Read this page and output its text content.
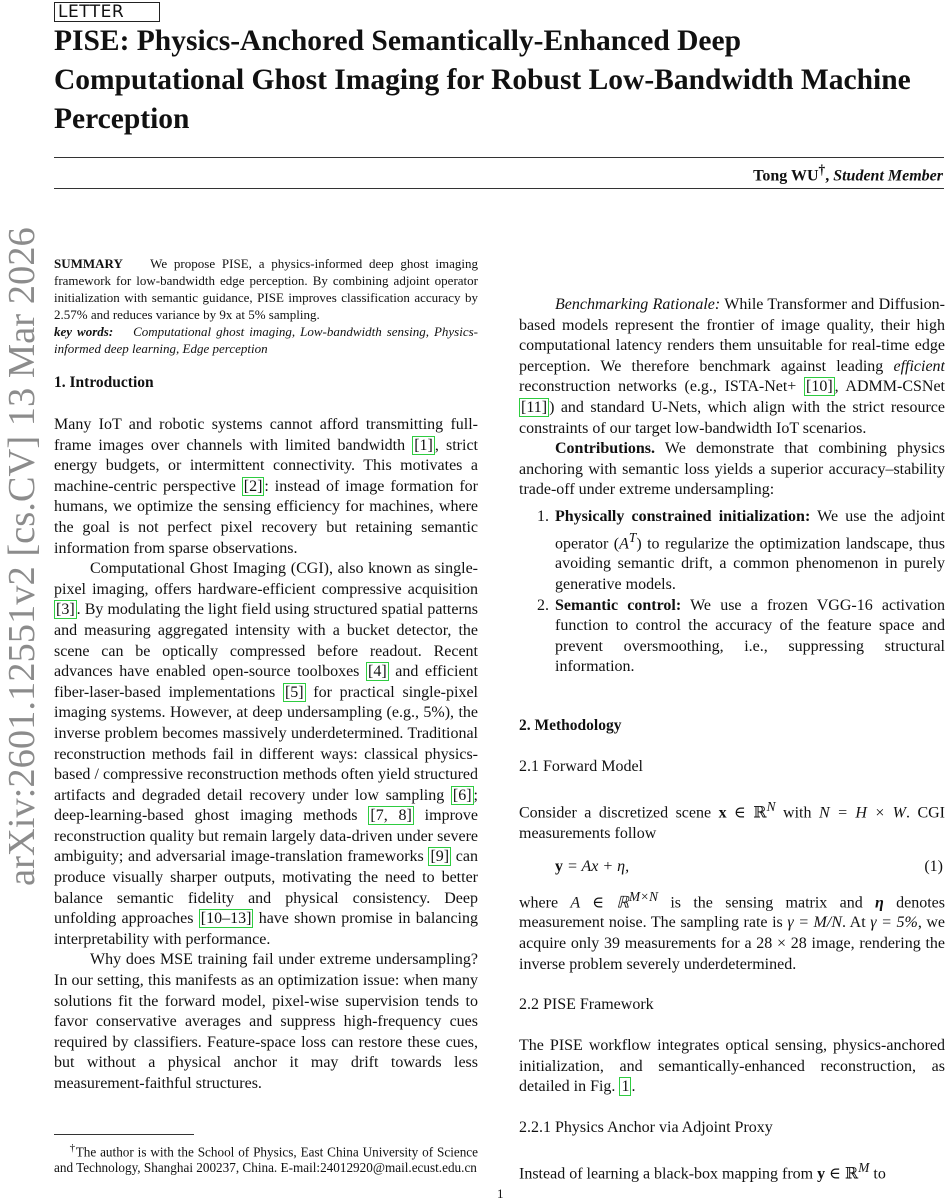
LETTER
PISE: Physics-Anchored Semantically-Enhanced Deep Computational Ghost Imaging for Robust Low-Bandwidth Machine Perception
Tong WU†, Student Member
arXiv:2601.12551v2 [cs.CV] 13 Mar 2026 SUMMARY We propose PISE, a physics-informed deep ghost imaging framework for low-bandwidth edge perception. By combining adjoint operator initialization with semantic guidance, PISE improves classification accuracy by 2.57% and reduces variance by 9x at 5% sampling.

key words: Computational ghost imaging, Low-bandwidth sensing, Physics-informed deep learning, Edge perception

1. Introduction

Many IoT and robotic systems cannot afford transmitting full-frame images over channels with limited bandwidth [1] , strict energy budgets, or intermittent connectivity. This motivates a machine-centric perspective [2] : instead of image formation for humans, we optimize the sensing efficiency for machines, where the goal is not perfect pixel recovery but retaining semantic information from sparse observations.

Computational Ghost Imaging (CGI), also known as single-pixel imaging, offers hardware-efficient compressive acquisition [3] . By modulating the light field using structured spatial patterns and measuring aggregated intensity with a bucket detector, the scene can be optically compressed before readout. Recent advances have enabled open-source toolboxes [4] and efficient fiber-laser-based implementations [5] for practical single-pixel imaging systems. However, at deep undersampling (e.g., 5%), the inverse problem becomes massively underdetermined. Traditional reconstruction methods fail in different ways: classical physics-based / compressive reconstruction methods often yield structured artifacts and degraded detail recovery under low sampling [6] ; deep-learning-based ghost imaging methods [7, 8] improve reconstruction quality but remain largely data-driven under severe ambiguity; and adversarial image-translation frameworks [9] can produce visually sharper outputs, motivating the need to better balance semantic fidelity and physical consistency. Deep unfolding approaches [10–13] have shown promise in balancing interpretability with performance.

Why does MSE training fail under extreme undersampling? In our setting, this manifests as an optimization issue: when many solutions fit the forward model, pixel-wise supervision tends to favor conservative averages and suppress high-frequency cues required by classifiers. Feature-space loss can restore these cues, but without a physical anchor it may drift towards less measurement-faithful structures.

†The author is with the School of Physics, East China University of Science and Technology, Shanghai 200237, China. E-mail:24012920@mail.ecust.edu.cn

1

Benchmarking Rationale: While Transformer and Diffusion-based models represent the frontier of image quality, their high computational latency renders them unsuitable for real-time edge perception. We therefore benchmark against leading efficient reconstruction networks (e.g., ISTA-Net+ [10] , ADMM-CSNet [11] ) and standard U-Nets, which align with the strict resource constraints of our target low-bandwidth IoT scenarios.

Contributions. We demonstrate that combining physics anchoring with semantic loss yields a superior accuracy–stability trade-off under extreme undersampling:

1. Physically constrained initialization: We use the adjoint operator $(A^T)$ to regularize the optimization landscape, thus avoiding semantic drift, a common phenomenon in purely generative models.
2. Semantic control: We use a frozen VGG-16 activation function to control the accuracy of the feature space and prevent oversmoothing, i.e., suppressing structural information.
2. Methodology
2.1 Forward Model

Consider a discretized scene x ∈ ℝ$^N$ with N = H × W. CGI measurements follow

y = Ax + η,	(1)

where A ∈ ℝ$^{M\times N}$ is the sensing matrix and η denotes measurement noise. The sampling rate is γ = M/N. At γ = 5%, we acquire only 39 measurements for a 28 × 28 image, rendering the inverse problem severely underdetermined.

2.2 PISE Framework

The PISE workflow integrates optical sensing, physics-anchored initialization, and semantically-enhanced reconstruction, as detailed in Fig. 1 .

2.2.1 Physics Anchor via Adjoint Proxy

Instead of learning a black-box mapping from y ∈ ℝ$^M$ to
